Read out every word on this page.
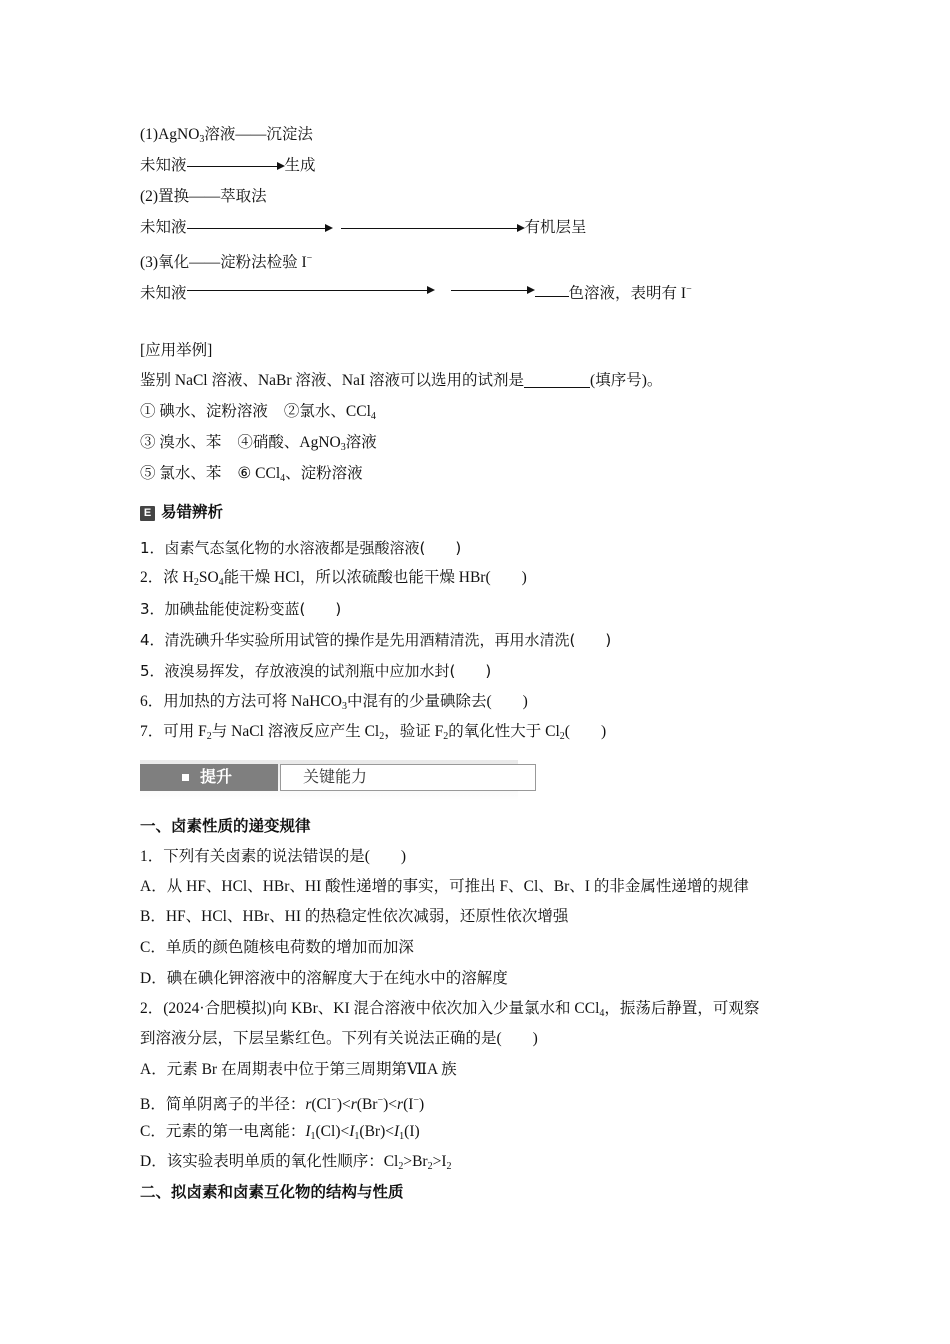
(1)AgNO$_3$溶液——沉淀法
未知液	生成
(2)置换——萃取法
未知液	有机层呈
(3)氧化——淀粉法检验 I−
未知液	色溶液，表明有 I−
[应用举例]
鉴别 NaCl 溶液、NaBr 溶液、NaI 溶液可以选用的试剂是	(填序号)。
① 碘水、淀粉溶液 ②氯水、CCl$_4$
③ 溴水、苯 ④硝酸、AgNO$_3$溶液
⑤ 氯水、苯 ⑥ CCl$_4$、淀粉溶液
E 易错辨析
1．卤素气态氢化物的水溶液都是强酸溶液(　　)
2．浓 $H_2SO_4$能干燥 HCl，所以浓硫酸也能干燥 HBr(　　)
3．加碘盐能使淀粉变蓝(　　)
4．清洗碘升华实验所用试管的操作是先用酒精清洗，再用水清洗(　　)
5．液溴易挥发，存放液溴的试剂瓶中应加水封(　　)
6．用加热的方法可将 NaHCO$_3$中混有的少量碘除去(　　)
7．可用 $F_2$与 NaCl 溶液反应产生 $Cl_2$，验证 $F_2$的氧化性大于 $Cl_2$(　　)
提升	关键能力
一、卤素性质的递变规律
1．下列有关卤素的说法错误的是(　　)
A．从 HF、HCl、HBr、HI 酸性递增的事实，可推出 F、Cl、Br、I 的非金属性递增的规律
B．HF、HCl、HBr、HI 的热稳定性依次减弱，还原性依次增强
C．单质的颜色随核电荷数的增加而加深
D．碘在碘化钾溶液中的溶解度大于在纯水中的溶解度
2．(2024·合肥模拟)向 KBr、KI 混合溶液中依次加入少量氯水和 CCl$_4$，振荡后静置，可观察
到溶液分层，下层呈紫红色。下列有关说法正确的是(　　)
A．元素 Br 在周期表中位于第三周期第ⅦA 族
B．简单阴离子的半径：r(Cl−)<r(Br−)<r(I−)
C．元素的第一电离能：$I_1(Cl)<I_1(Br)<I_1(I)$
D．该实验表明单质的氧化性顺序：$Cl_2>Br_2>I_2$
二、拟卤素和卤素互化物的结构与性质
